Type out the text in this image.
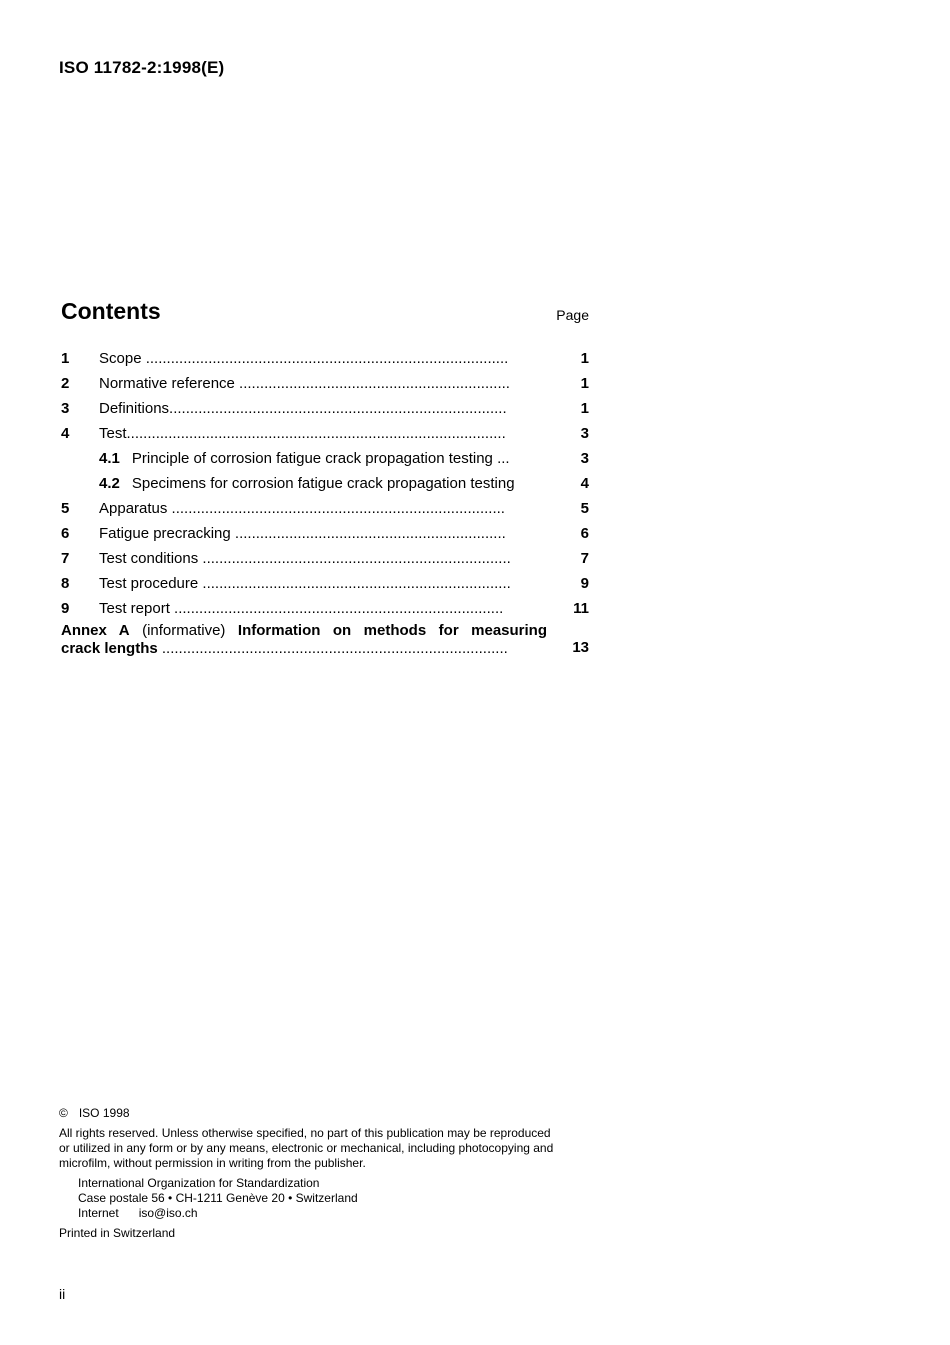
ISO 11782-2:1998(E)
Contents	Page
1 Scope .......................................................................................	1
2 Normative reference .................................................................	1
3 Definitions.................................................................................	1
4 Test...........................................................................................	3
4.1 Principle of corrosion fatigue crack propagation testing ...	3
4.2 Specimens for corrosion fatigue crack propagation testing	4
5 Apparatus ................................................................................	5
6 Fatigue precracking .................................................................	6
7 Test conditions ..........................................................................	7
8 Test procedure ..........................................................................	9
9 Test report ...............................................................................	11
Annex A (informative) Information on methods for measuring
crack lengths ...................................................................................	13
© ISO 1998
All rights reserved. Unless otherwise specified, no part of this publication may be reproduced
or utilized in any form or by any means, electronic or mechanical, including photocopying and
microfilm, without permission in writing from the publisher.
International Organization for Standardization
Case postale 56 • CH-1211 Genève 20 • Switzerland
Internet iso@iso.ch
Printed in Switzerland
ii
